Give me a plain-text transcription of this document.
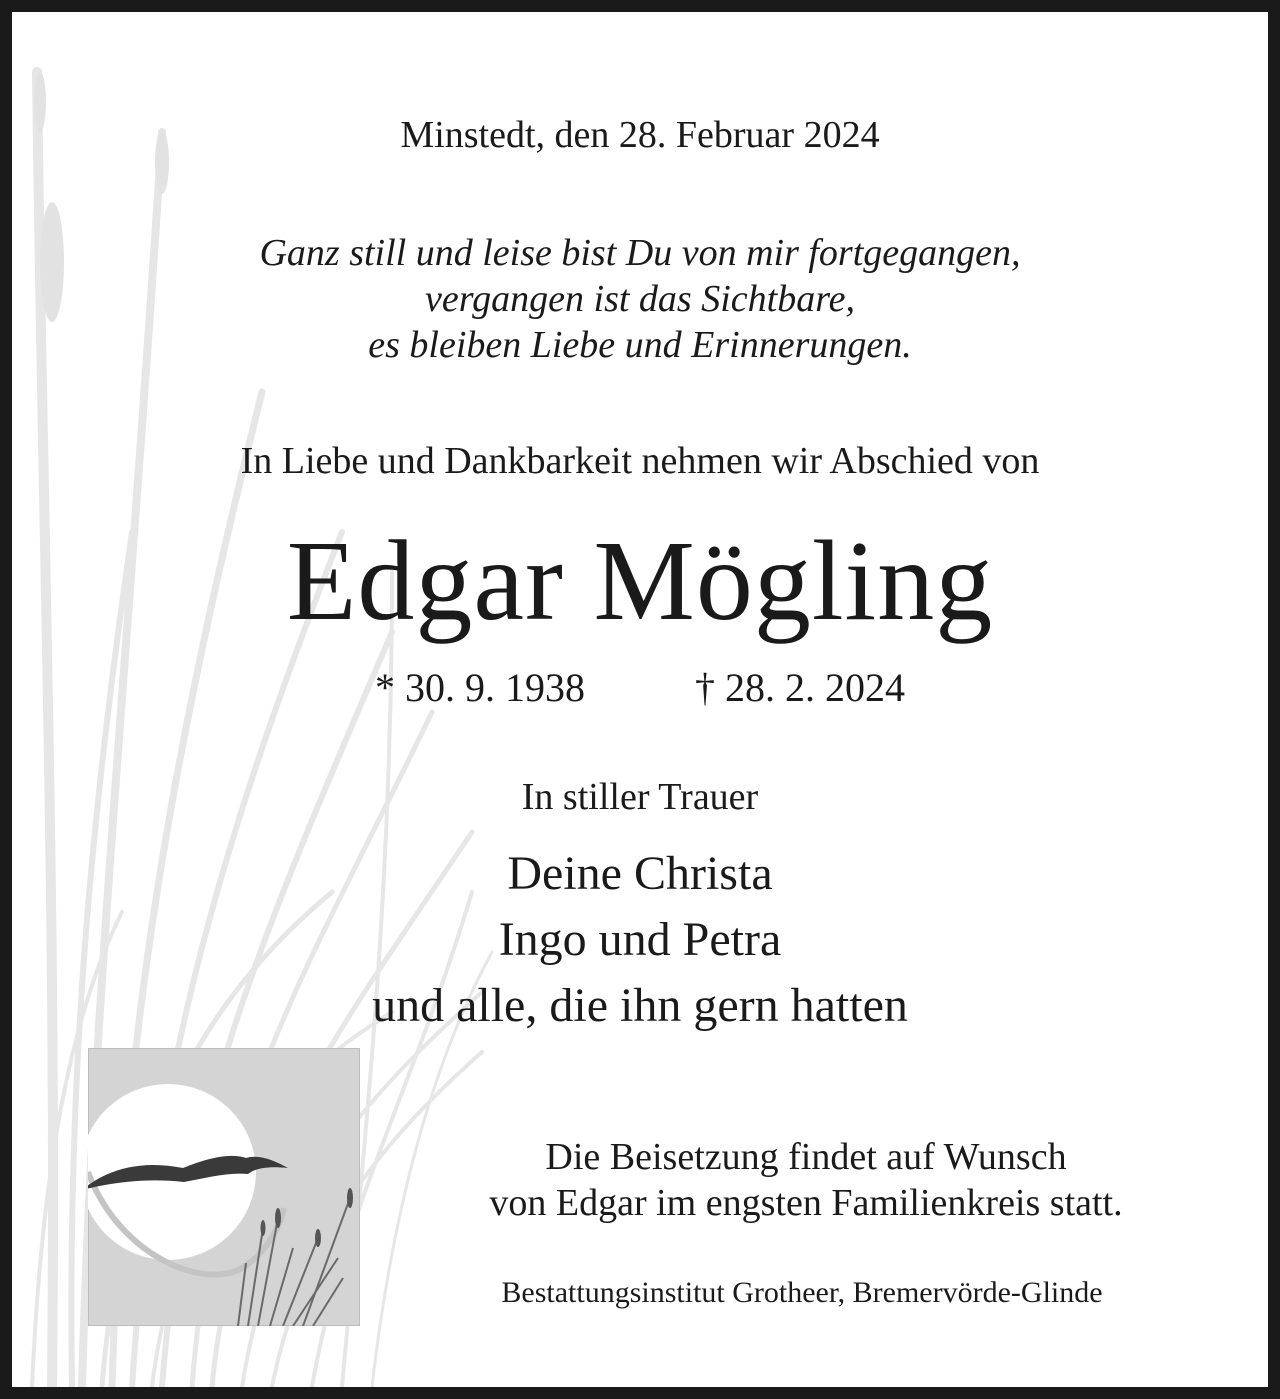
Minstedt, den 28. Februar 2024
Ganz still und leise bist Du von mir fortgegangen,
vergangen ist das Sichtbare,
es bleiben Liebe und Erinnerungen.
In Liebe und Dankbarkeit nehmen wir Abschied von
Edgar Mögling
* 30. 9. 1938	† 28. 2. 2024
In stiller Trauer
Deine Christa
Ingo und Petra
und alle, die ihn gern hatten
Die Beisetzung findet auf Wunsch
von Edgar im engsten Familienkreis statt.
Bestattungsinstitut Grotheer, Bremervörde-Glinde
